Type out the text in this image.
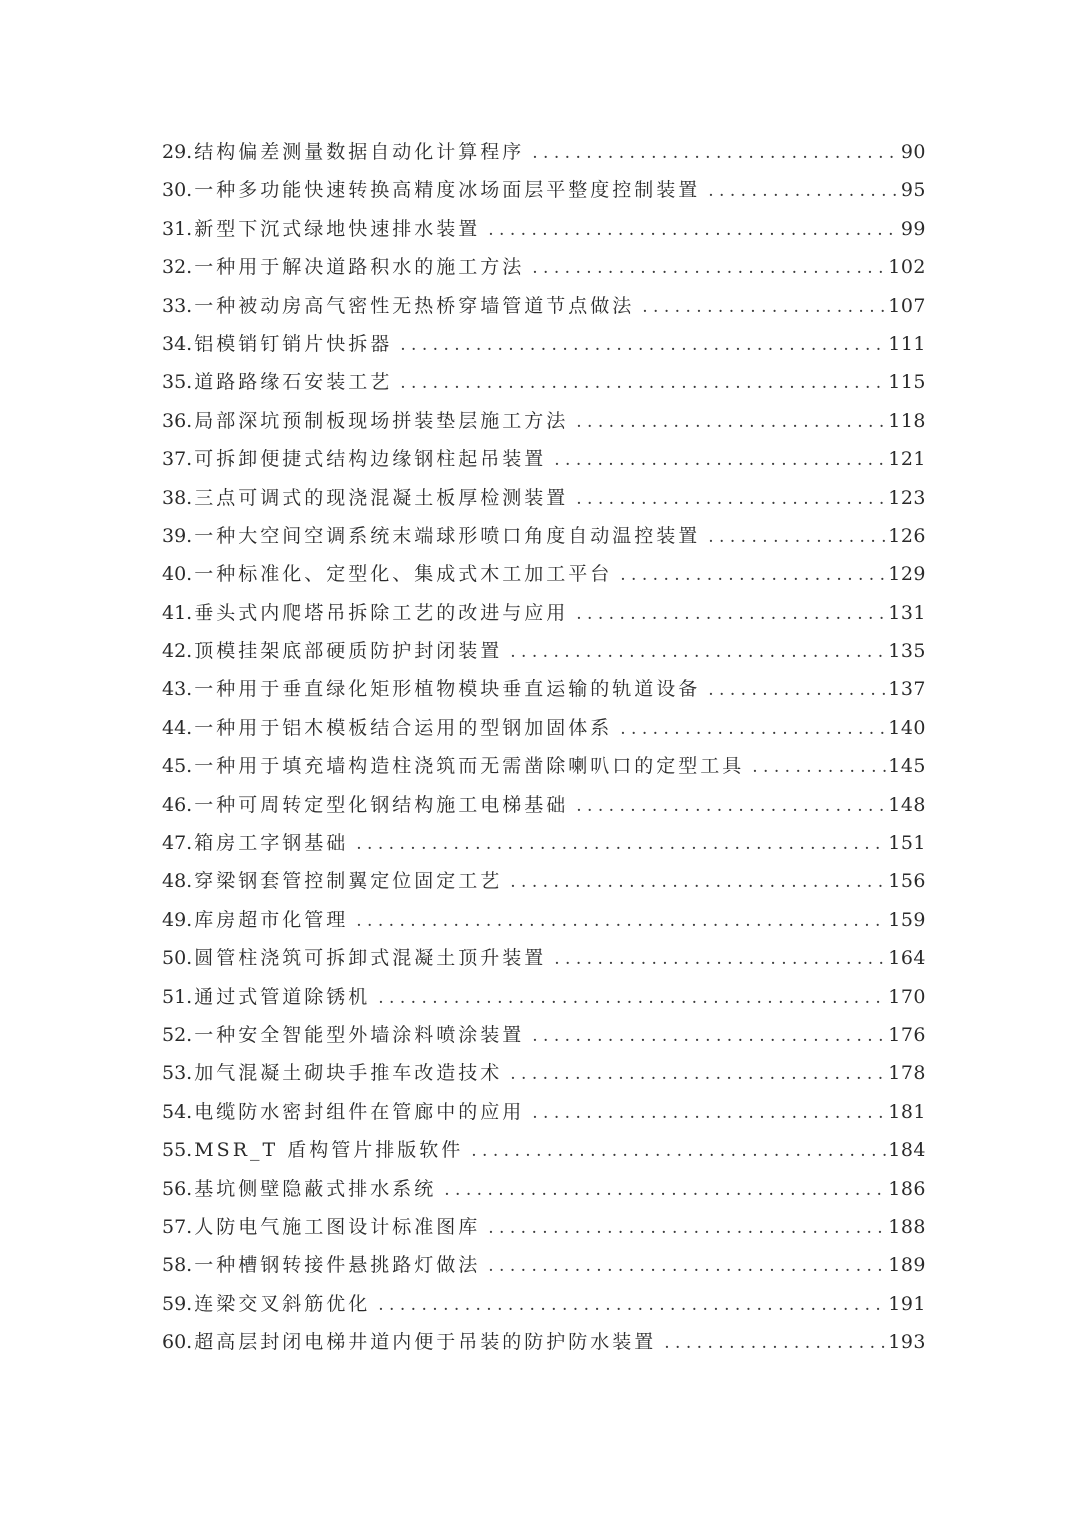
29. 结构偏差测量数据自动化计算程序 . . .	90
30. 一种多功能快速转换高精度冰场面层平整度控制装置 . . .	95
31. 新型下沉式绿地快速排水装置 . . .	99
32. 一种用于解决道路积水的施工方法 . . .	102
33. 一种被动房高气密性无热桥穿墙管道节点做法 . . .	107
34. 铝模销钉销片快拆器 . . .	111
35. 道路路缘石安装工艺 . . .	115
36. 局部深坑预制板现场拼装垫层施工方法 . . .	118
37. 可拆卸便捷式结构边缘钢柱起吊装置 . . .	121
38. 三点可调式的现浇混凝土板厚检测装置 . . .	123
39. 一种大空间空调系统末端球形喷口角度自动温控装置 . . .	126
40. 一种标准化、定型化、集成式木工加工平台 . . .	129
41. 垂头式内爬塔吊拆除工艺的改进与应用 . . .	131
42. 顶模挂架底部硬质防护封闭装置 . . .	135
43. 一种用于垂直绿化矩形植物模块垂直运输的轨道设备 . . .	137
44. 一种用于铝木模板结合运用的型钢加固体系 . . .	140
45. 一种用于填充墙构造柱浇筑而无需凿除喇叭口的定型工具 . . .	145
46. 一种可周转定型化钢结构施工电梯基础 . . .	148
47. 箱房工字钢基础 . . .	151
48. 穿梁钢套管控制翼定位固定工艺 . . .	156
49. 库房超市化管理 . . .	159
50. 圆管柱浇筑可拆卸式混凝土顶升装置 . . .	164
51. 通过式管道除锈机 . . .	170
52. 一种安全智能型外墙涂料喷涂装置 . . .	176
53. 加气混凝土砌块手推车改造技术 . . .	178
54. 电缆防水密封组件在管廊中的应用 . . .	181
55. MSR_T 盾构管片排版软件 . . .	184
56. 基坑侧壁隐蔽式排水系统 . . .	186
57. 人防电气施工图设计标准图库 . . .	188
58. 一种槽钢转接件悬挑路灯做法 . . .	189
59. 连梁交叉斜筋优化 . . .	191
60. 超高层封闭电梯井道内便于吊装的防护防水装置 . . .	193
